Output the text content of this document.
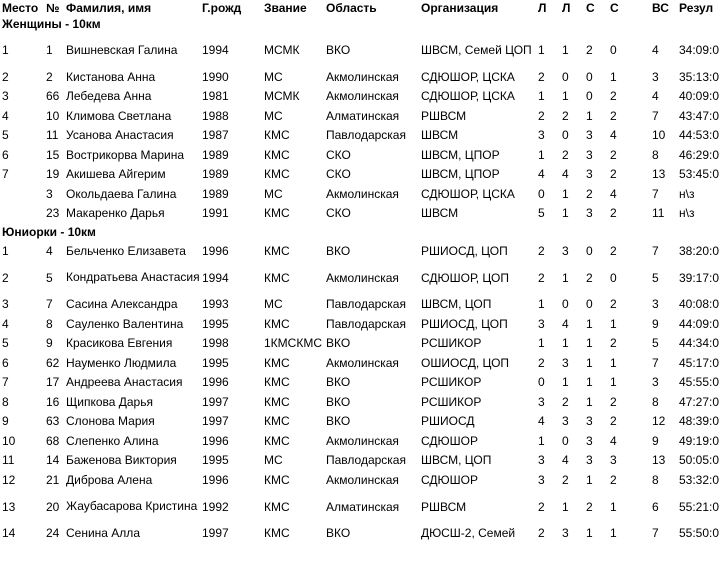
Место	№	Фамилия, имя	Г.рожд	Звание	Область	Организация	Л	Л	С	С	ВС	Резул
Женщины - 10км												
1	1	Вишневская Галина	1994	МСМК	ВКО	ШВСМ, Семей ЦОП	1	1	2	0	4	34:09:0
2	2	Кистанова Анна	1990	МС	Акмолинская	СДЮШОР, ЦСКА	2	0	0	1	3	35:13:0
3	66	Лебедева Анна	1981	МСМК	Акмолинская	СДЮШОР, ЦСКА	1	1	0	2	4	40:09:0
4	10	Климова Светлана	1988	МС	Алматинская	РШВСМ	2	2	1	2	7	43:47:0
5	11	Усанова Анастасия	1987	КМС	Павлодарская	ШВСМ	3	0	3	4	10	44:53:0
6	15	Вострикорва Марина	1989	КМС	СКО	ШВСМ, ЦПОР	1	2	3	2	8	46:29:0
7	19	Акишева Айгерим	1989	КМС	СКО	ШВСМ, ЦПОР	4	4	3	2	13	53:45:0
	3	Окольдаева Галина	1989	МС	Акмолинская	СДЮШОР, ЦСКА	0	1	2	4	7	н\з
	23	Макаренко Дарья	1991	КМС	СКО	ШВСМ	5	1	3	2	11	н\з
Юниорки - 10км												
1	4	Бельченко Елизавета	1996	КМС	ВКО	РШИОСД, ЦОП	2	3	0	2	7	38:20:0
2	5	Кондратьева Анастасия	1994	КМС	Акмолинская	СДЮШОР, ЦОП	2	1	2	0	5	39:17:0
3	7	Сасина Александра	1993	МС	Павлодарская	ШВСМ, ЦОП	1	0	0	2	3	40:08:0
4	8	Сауленко Валентина	1995	КМС	Павлодарская	РШИОСД, ЦОП	3	4	1	1	9	44:09:0
5	9	Красикова Евгения	1998	1КМСКМС	ВКО	РСШИКОР	1	1	1	2	5	44:34:0
6	62	Науменко Людмила	1995	КМС	Акмолинская	ОШИОСД, ЦОП	2	3	1	1	7	45:17:0
7	17	Андреева Анастасия	1996	КМС	ВКО	РСШИКОР	0	1	1	1	3	45:55:0
8	16	Щипкова Дарья	1997	КМС	ВКО	РСШИКОР	3	2	1	2	8	47:27:0
9	63	Слонова Мария	1997	КМС	ВКО	РШИОСД	4	3	3	2	12	48:39:0
10	68	Слепенко Алина	1996	КМС	Акмолинская	СДЮШОР	1	0	3	4	9	49:19:0
11	14	Баженова Виктория	1995	МС	Павлодарская	ШВСМ, ЦОП	3	4	3	3	13	50:05:0
12	21	Диброва Алена	1996	КМС	Акмолинская	СДЮШОР	3	2	1	2	8	53:32:0
13	20	Жаубасарова Кристина	1992	КМС	Алматинская	РШВСМ	2	1	2	1	6	55:21:0
14	24	Сенина Алла	1997	КМС	ВКО	ДЮСШ-2, Семей	2	3	1	1	7	55:50:0
